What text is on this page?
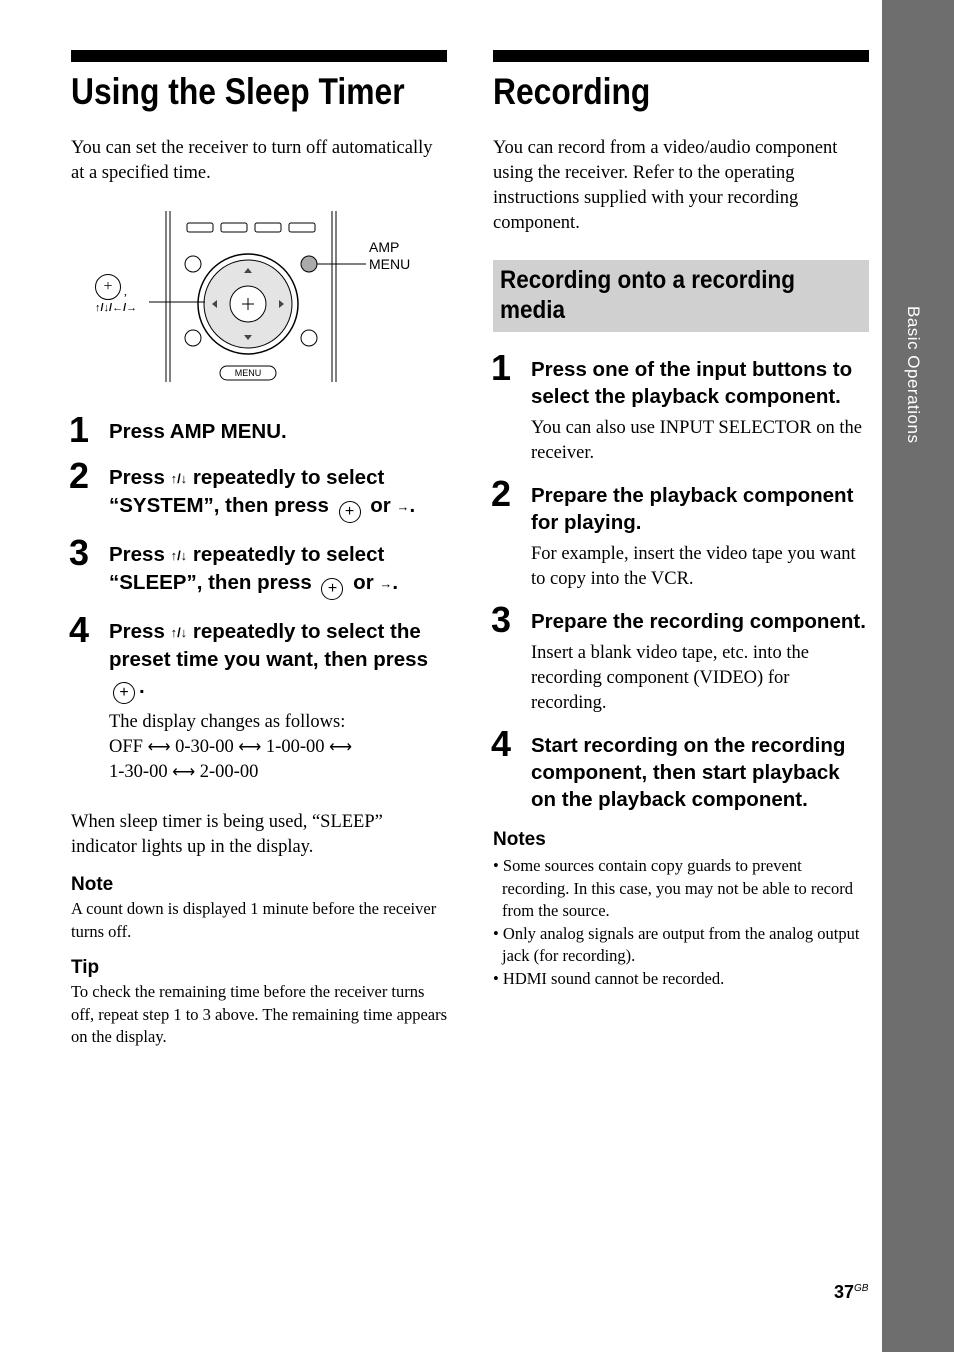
Basic Operations
Using the Sleep Timer

You can set the receiver to turn off automatically at a specified time.

MENU
AMP
MENU
+ ,
↑/↓/←/→
1 Press AMP MENU.

2 Press ↑/↓ repeatedly to select “SYSTEM”, then press + or →.

3 Press ↑/↓ repeatedly to select “SLEEP”, then press + or →.

4 Press ↑/↓ repeatedly to select the preset time you want, then press + .

The display changes as follows:

OFF ⟷ 0-30-00 ⟷ 1-00-00 ⟷
1-30-00 ⟷ 2-00-00

When sleep timer is being used, “SLEEP” indicator lights up in the display.

Note

A count down is displayed 1 minute before the receiver turns off.

Tip

To check the remaining time before the receiver turns off, repeat step 1 to 3 above. The remaining time appears on the display.

Recording

You can record from a video/audio component using the receiver. Refer to the operating instructions supplied with your recording component.

Recording onto a recording media
1 Press one of the input buttons to select the playback component.

You can also use INPUT SELECTOR on the receiver.

2 Prepare the playback component for playing.

For example, insert the video tape you want to copy into the VCR.

3 Prepare the recording component.

Insert a blank video tape, etc. into the recording component (VIDEO) for recording.

4 Start recording on the recording component, then start playback on the playback component.

Notes

• Some sources contain copy guards to prevent recording. In this case, you may not be able to record from the source.
• Only analog signals are output from the analog output jack (for recording).
• HDMI sound cannot be recorded.
$37^{GB}$
